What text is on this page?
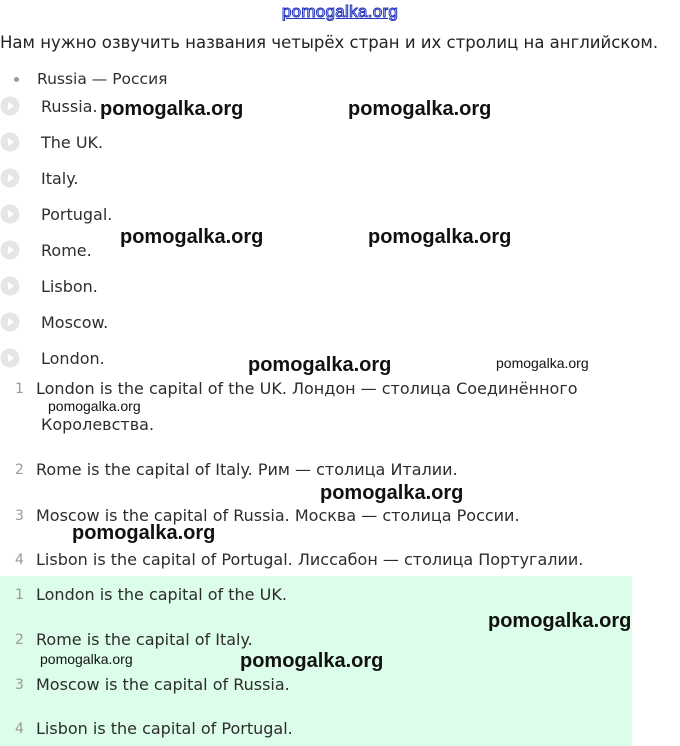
pomogalka.org
Нам нужно озвучить названия четырёх стран и их стролиц на английском.
Russia — Россия
Russia.
The UK.
Italy.
Portugal.
Rome.
Lisbon.
Moscow.
London.
1 London is the capital of the UK. Лондон — столица Соединённого
Королевства.
2 Rome is the capital of Italy. Рим — столица Италии.
3 Moscow is the capital of Russia. Москва — столица России.
4 Lisbon is the capital of Portugal. Лиссабон — столица Португалии.
1 London is the capital of the UK.
2 Rome is the capital of Italy.
3 Moscow is the capital of Russia.
4 Lisbon is the capital of Portugal.
pomogalka.org	pomogalka.org
pomogalka.org	pomogalka.org
pomogalka.org	pomogalka.org
pomogalka.org
pomogalka.org
pomogalka.org
pomogalka.org
pomogalka.org	pomogalka.org
